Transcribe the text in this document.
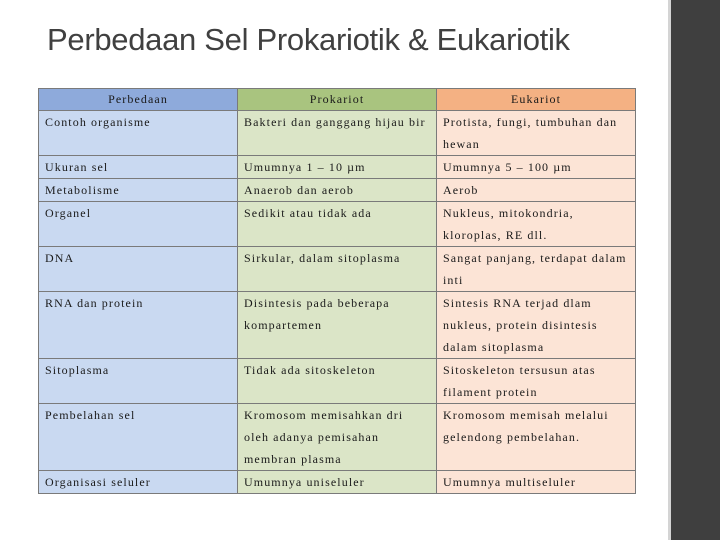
Perbedaan Sel Prokariotik & Eukariotik
Perbedaan	Prokariot	Eukariot
Contoh organisme	Bakteri dan ganggang hijau bir	Protista, fungi, tumbuhan dan hewan
Ukuran sel	Umumnya 1 – 10 µm	Umumnya 5 – 100 µm
Metabolisme	Anaerob dan aerob	Aerob
Organel	Sedikit atau tidak ada	Nukleus, mitokondria, kloroplas, RE dll.
DNA	Sirkular, dalam sitoplasma	Sangat panjang, terdapat dalam inti
RNA dan protein	Disintesis pada beberapa kompartemen	Sintesis RNA terjad dlam nukleus, protein disintesis dalam sitoplasma
Sitoplasma	Tidak ada sitoskeleton	Sitoskeleton tersusun atas filament protein
Pembelahan sel	Kromosom memisahkan dri oleh adanya pemisahan membran plasma	Kromosom memisah melalui gelendong pembelahan.
Organisasi seluler	Umumnya uniseluler	Umumnya multiseluler
